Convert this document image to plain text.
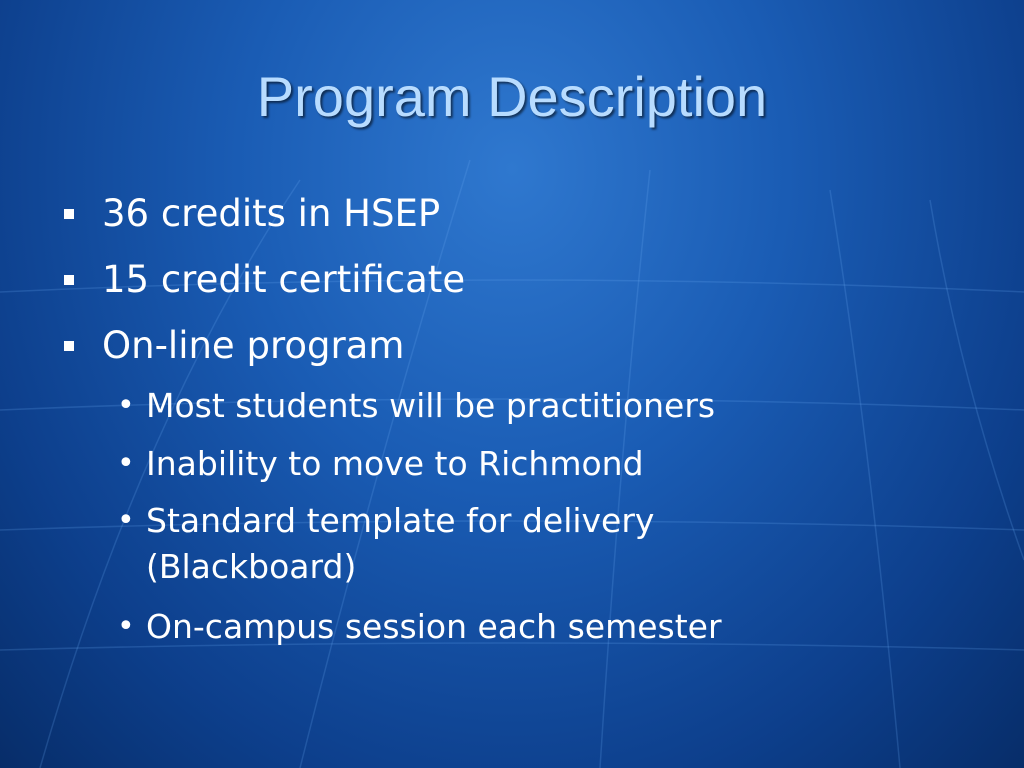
Program Description
36 credits in HSEP
15 credit certificate
On-line program
• Most students will be practitioners
• Inability to move to Richmond
• Standard template for delivery
(Blackboard)
• On-campus session each semester
